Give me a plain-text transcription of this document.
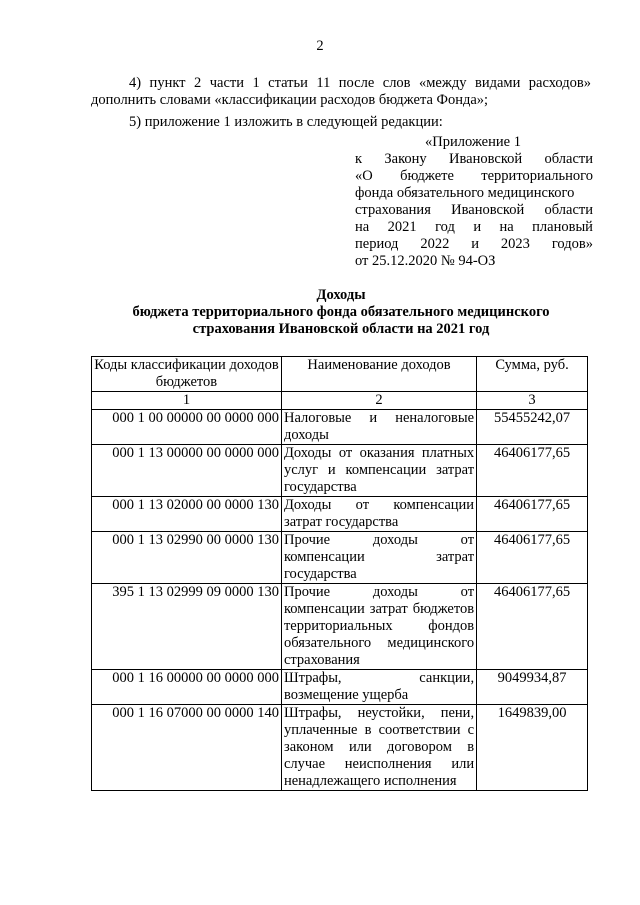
2
4) пункт 2 части 1 статьи 11 после слов «между видами расходов» дополнить словами «классификации расходов бюджета Фонда»;
5) приложение 1 изложить в следующей редакции:
«Приложение 1
к Закону Ивановской области
«О бюджете территориального
фонда обязательного медицинского
страхования Ивановской области
на 2021 год и на плановый
период 2022 и 2023 годов»
от 25.12.2020 № 94-ОЗ
Доходы
бюджета территориального фонда обязательного медицинского
страхования Ивановской области на 2021 год
Коды классификации доходов бюджетов	Наименование доходов	Сумма, руб.
1	2	3
000 1 00 00000 00 0000 000	Налоговые и неналоговые доходы	55455242,07
000 1 13 00000 00 0000 000	Доходы от оказания платных услуг и компенсации затрат государства	46406177,65
000 1 13 02000 00 0000 130	Доходы от компенсации затрат государства	46406177,65
000 1 13 02990 00 0000 130	Прочие доходы от компенсации затрат государства	46406177,65
395 1 13 02999 09 0000 130	Прочие доходы от компенсации затрат бюджетов территориальных фондов обязательного медицинского страхования	46406177,65
000 1 16 00000 00 0000 000	Штрафы, санкции, возмещение ущерба	9049934,87
000 1 16 07000 00 0000 140	Штрафы, неустойки, пени, уплаченные в соответствии с законом или договором в случае неисполнения или ненадлежащего исполнения	1649839,00
